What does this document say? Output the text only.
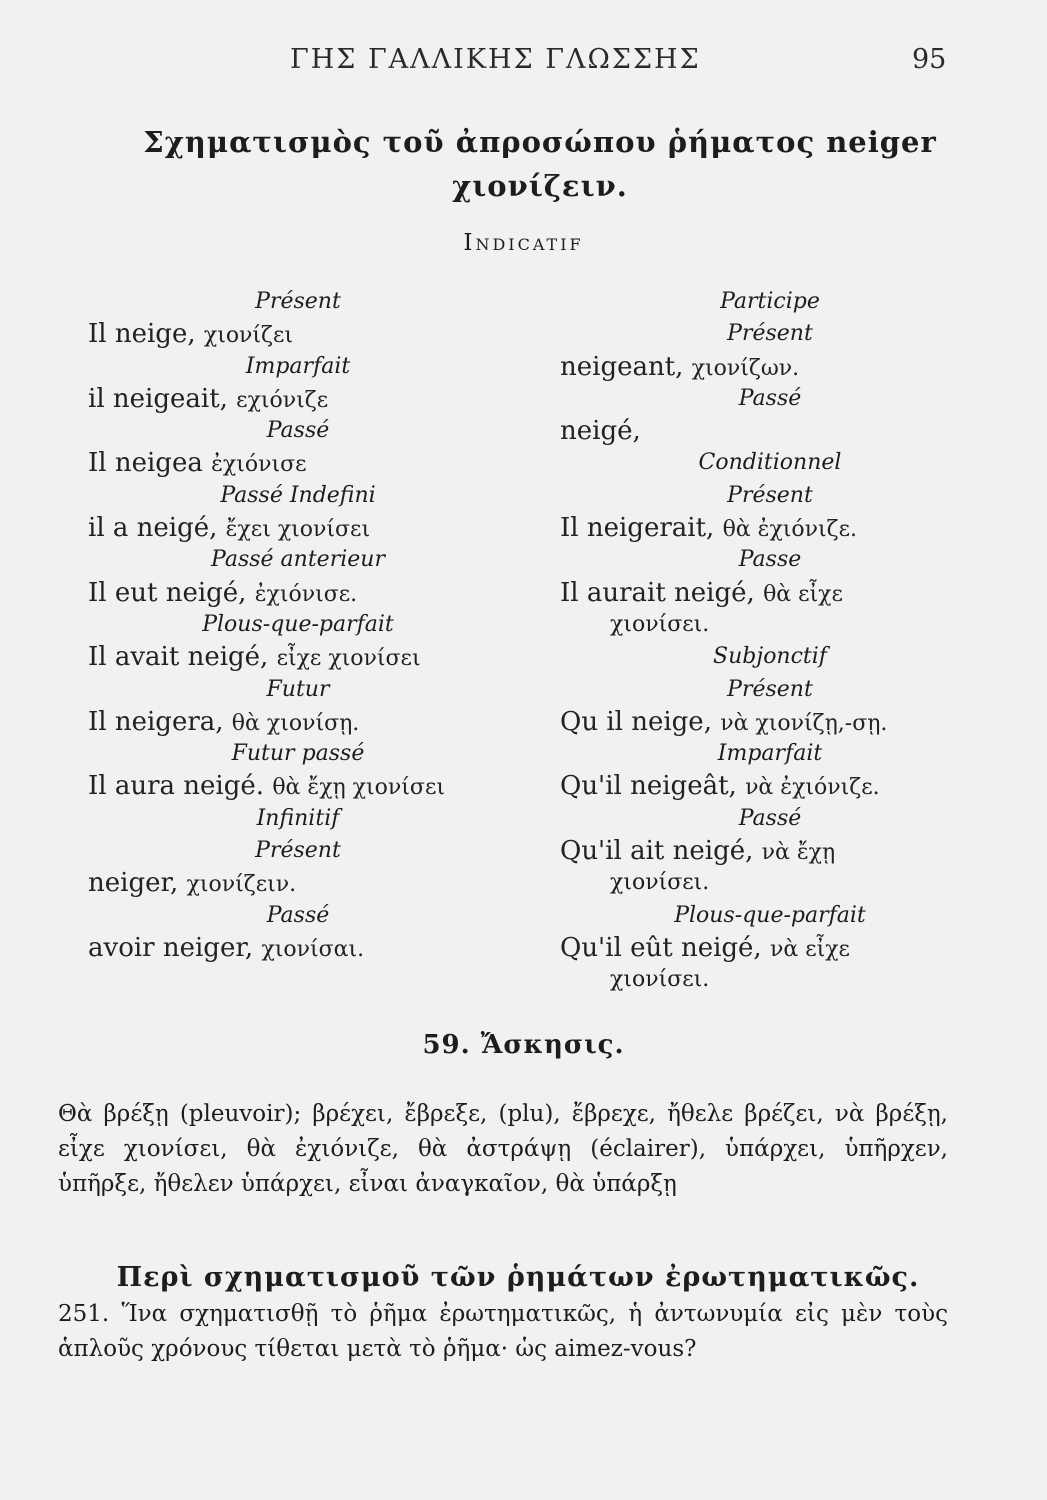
ΓΗΣ ΓΑΛΛΙΚΗΣ ΓΛΩΣΣΗΣ	95
Σχηματισμὸς τοῦ ἀπροσώπου ῥήματος neiger
χιονίζειν.
Indicatif
Présent
Il neige, χιονίζει
Imparfait
il neigeait, εχιόνιζε
Passé
Il neigea ἐχιόνισε
Passé Indefini
il a neigé, ἔχει χιονίσει
Passé anterieur
Il eut neigé, ἐχιόνισε.
Plous-que-parfait
Il avait neigé, εἶχε χιονίσει
Futur
Il neigera, θὰ χιονίσῃ.
Futur passé
Il aura neigé. θὰ ἔχῃ χιονίσει
Infinitif
Présent
neiger, χιονίζειν.
Passé
avoir neiger, χιονίσαι.
Participe
Présent
neigeant, χιονίζων.
Passé
neigé,
Conditionnel
Présent
Il neigerait, θὰ ἐχιόνιζε.
Passe
Il aurait neigé, θὰ εἶχε
χιονίσει.
Subjonctif
Présent
Qu il neige, νὰ χιονίζῃ,-σῃ.
Imparfait
Qu'il neigeât, νὰ ἐχιόνιζε.
Passé
Qu'il ait neigé, νὰ ἔχῃ
χιονίσει.
Plous-que-parfait
Qu'il eût neigé, νὰ εἶχε
χιονίσει.
59. Ἄσκησις.
Θὰ βρέξῃ (pleuvoir); βρέχει, ἔβρεξε, (plu), ἔβρεχε, ἤθελε βρέζει, νὰ βρέξῃ, εἶχε χιονίσει, θὰ ἐχιόνιζε, θὰ ἀστράψῃ (éclairer), ὑπάρχει, ὑπῆρχεν, ὑπῆρξε, ἤθελεν ὑπάρχει, εἶναι ἀναγκαῖον, θὰ ὑπάρξῃ
Περὶ σχηματισμοῦ τῶν ῥημάτων ἐρωτηματικῶς.
251. Ἵνα σχηματισθῇ τὸ ῥῆμα ἐρωτηματικῶς, ἡ ἀντωνυμία εἰς μὲν τοὺς ἁπλοῦς χρόνους τίθεται μετὰ τὸ ῥῆμα· ὡς aimez-vous?
